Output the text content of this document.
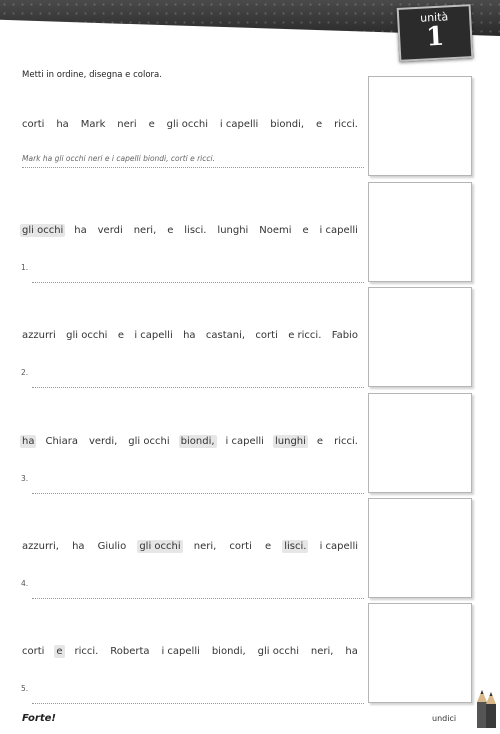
unità
1
Metti in ordine, disegna e colora.
corti ha Mark neri e gli occhi i capelli biondi, e ricci.
Mark ha gli occhi neri e i capelli biondi, corti e ricci.
gli occhi ha verdi neri, e lisci. lunghi Noemi e i capelli
1.
azzurri gli occhi e i capelli ha castani, corti e ricci. Fabio
2.
ha Chiara verdi, gli occhi biondi, i capelli lunghi e ricci.
3.
azzurri, ha Giulio gli occhi neri, corti e lisci. i capelli
4.
corti e ricci. Roberta i capelli biondi, gli occhi neri, ha
5.
Forte!	undici
